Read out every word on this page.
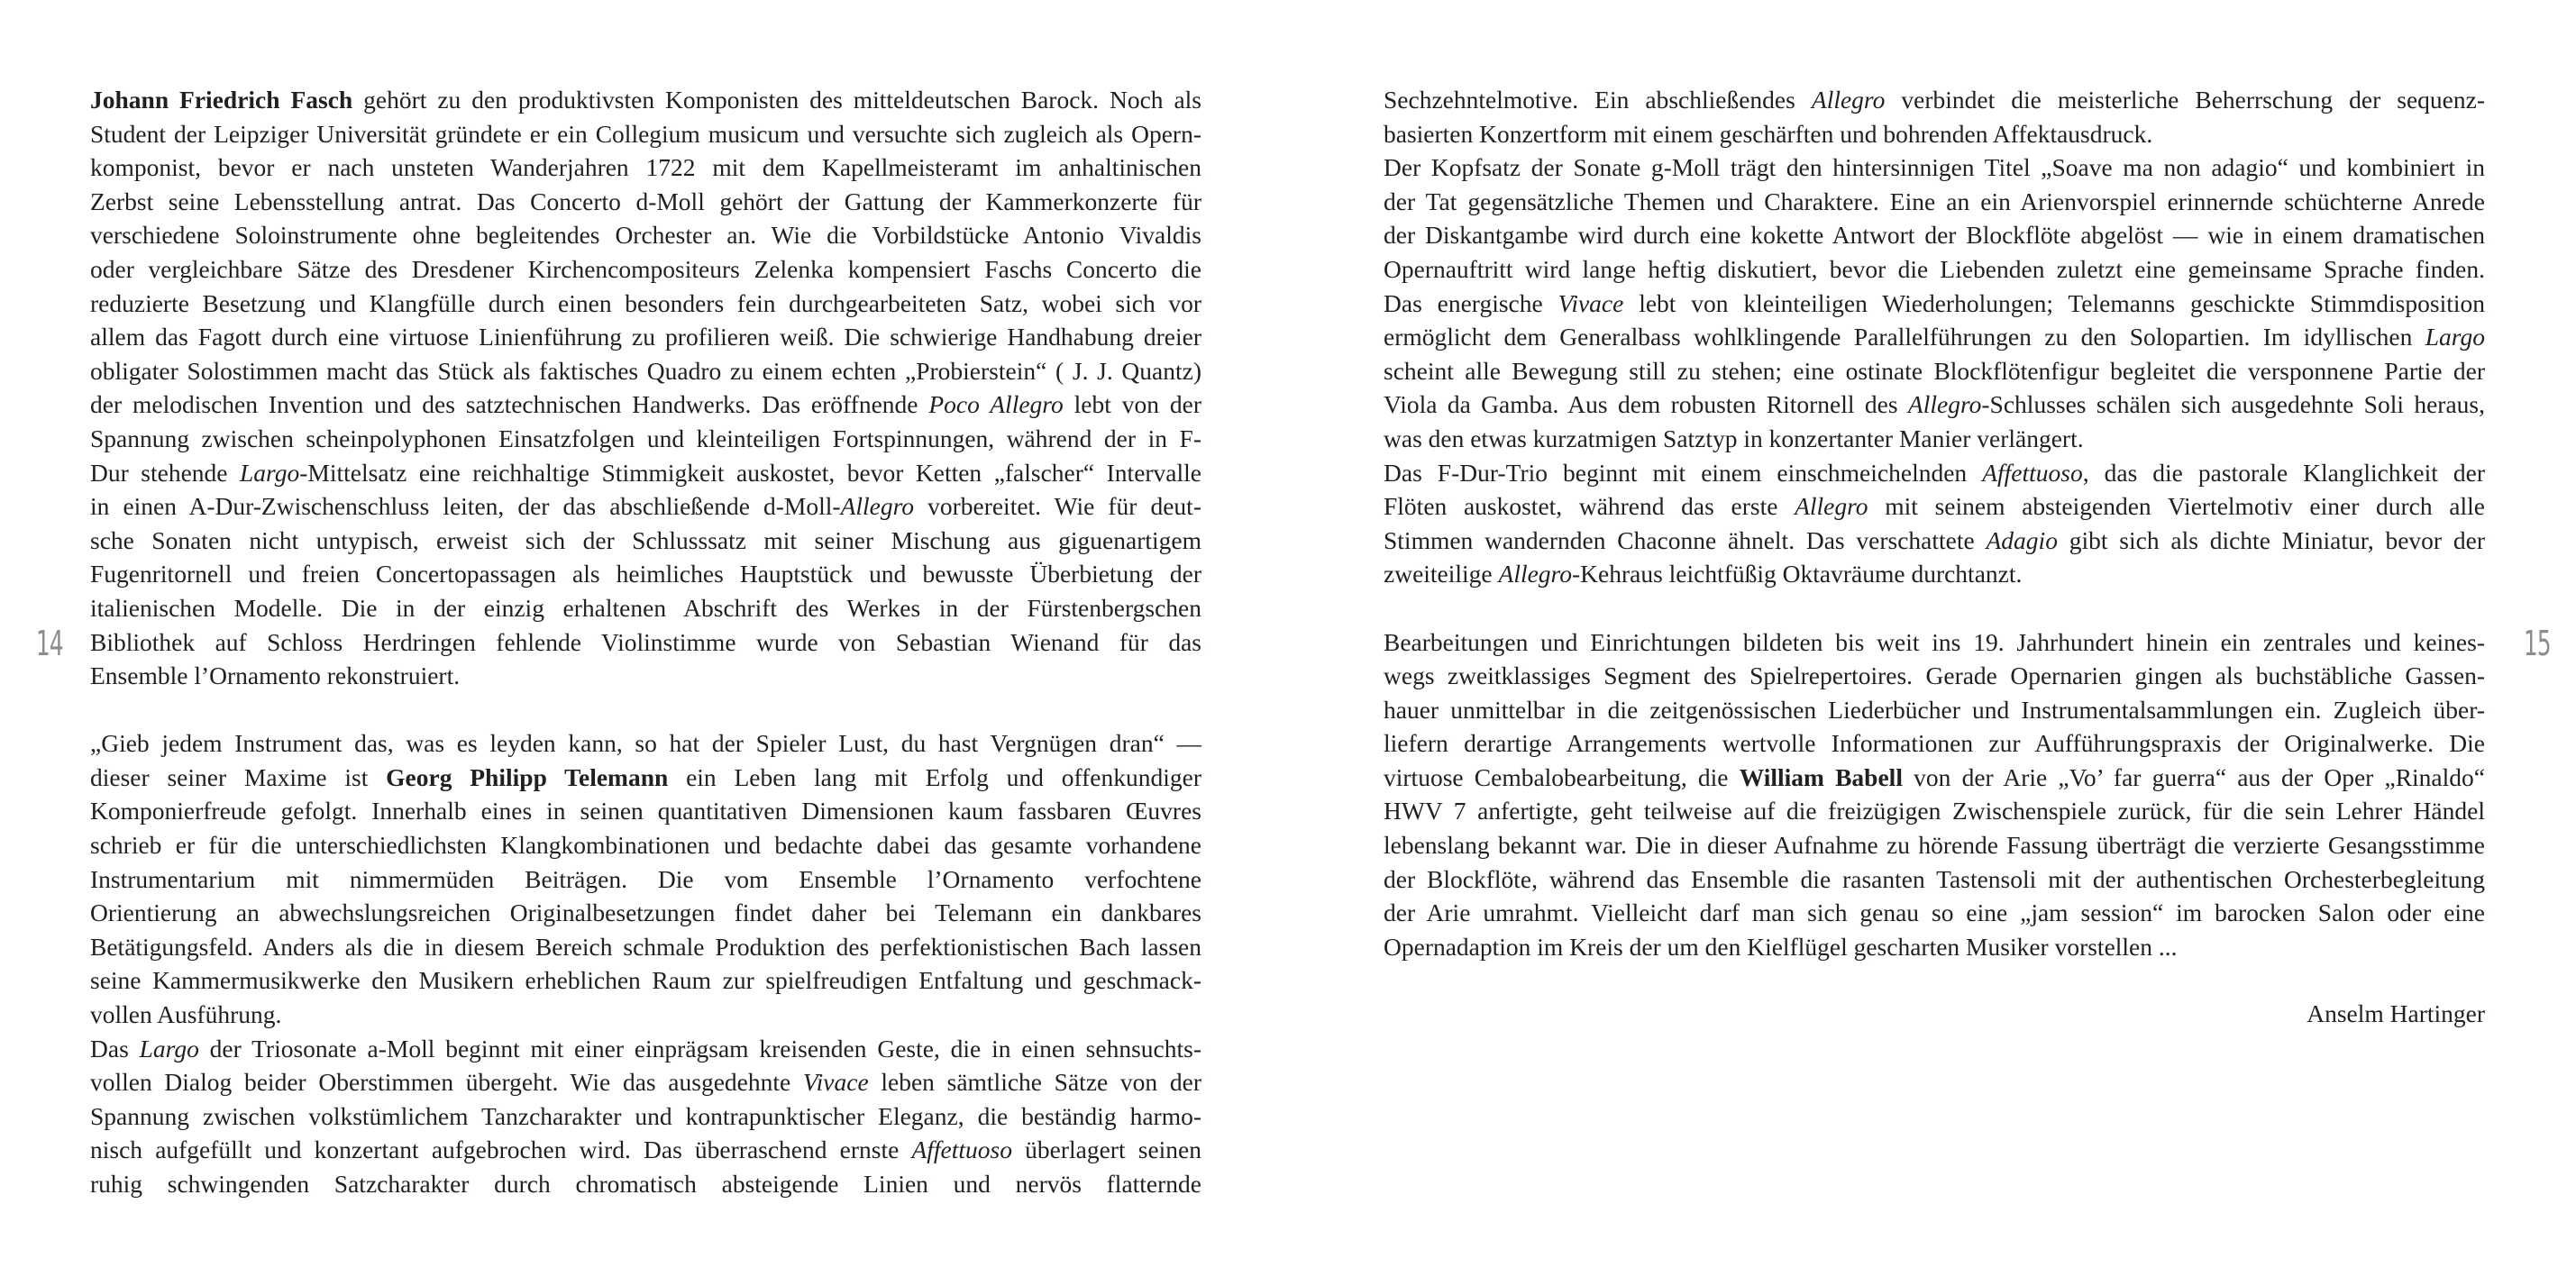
14	15
Johann Friedrich Fasch gehört zu den produktivsten Komponisten des mitteldeutschen Barock. Noch als
Student der Leipziger Universität gründete er ein Collegium musicum und versuchte sich zugleich als Opern-
komponist, bevor er nach unsteten Wanderjahren 1722 mit dem Kapellmeisteramt im anhaltinischen
Zerbst seine Lebensstellung antrat. Das Concerto d-Moll gehört der Gattung der Kammerkonzerte für
verschiedene Soloinstrumente ohne begleitendes Orchester an. Wie die Vorbildstücke Antonio Vivaldis
oder vergleichbare Sätze des Dresdener Kirchencompositeurs Zelenka kompensiert Faschs Concerto die
reduzierte Besetzung und Klangfülle durch einen besonders fein durchgearbeiteten Satz, wobei sich vor
allem das Fagott durch eine virtuose Linienführung zu profilieren weiß. Die schwierige Handhabung dreier
obligater Solostimmen macht das Stück als faktisches Quadro zu einem echten „Probierstein“ ( J. J. Quantz)
der melodischen Invention und des satztechnischen Handwerks. Das eröffnende Poco Allegro lebt von der
Spannung zwischen scheinpolyphonen Einsatzfolgen und kleinteiligen Fortspinnungen, während der in F-
Dur stehende Largo-Mittelsatz eine reichhaltige Stimmigkeit auskostet, bevor Ketten „falscher“ Intervalle
in einen A-Dur-Zwischenschluss leiten, der das abschließende d-Moll-Allegro vorbereitet. Wie für deut-
sche Sonaten nicht untypisch, erweist sich der Schlusssatz mit seiner Mischung aus giguenartigem
Fugenritornell und freien Concertopassagen als heimliches Hauptstück und bewusste Überbietung der
italienischen Modelle. Die in der einzig erhaltenen Abschrift des Werkes in der Fürstenbergschen
Bibliothek auf Schloss Herdringen fehlende Violinstimme wurde von Sebastian Wienand für das
Ensemble l’Ornamento rekonstruiert.
„Gieb jedem Instrument das, was es leyden kann, so hat der Spieler Lust, du hast Vergnügen dran“ —
dieser seiner Maxime ist Georg Philipp Telemann ein Leben lang mit Erfolg und offenkundiger
Komponierfreude gefolgt. Innerhalb eines in seinen quantitativen Dimensionen kaum fassbaren Œuvres
schrieb er für die unterschiedlichsten Klangkombinationen und bedachte dabei das gesamte vorhandene
Instrumentarium mit nimmermüden Beiträgen. Die vom Ensemble l’Ornamento verfochtene
Orientierung an abwechslungsreichen Originalbesetzungen findet daher bei Telemann ein dankbares
Betätigungsfeld. Anders als die in diesem Bereich schmale Produktion des perfektionistischen Bach lassen
seine Kammermusikwerke den Musikern erheblichen Raum zur spielfreudigen Entfaltung und geschmack-
vollen Ausführung.
Das Largo der Triosonate a-Moll beginnt mit einer einprägsam kreisenden Geste, die in einen sehnsuchts-
vollen Dialog beider Oberstimmen übergeht. Wie das ausgedehnte Vivace leben sämtliche Sätze von der
Spannung zwischen volkstümlichem Tanzcharakter und kontrapunktischer Eleganz, die beständig harmo-
nisch aufgefüllt und konzertant aufgebrochen wird. Das überraschend ernste Affettuoso überlagert seinen
ruhig schwingenden Satzcharakter durch chromatisch absteigende Linien und nervös flatternde
Sechzehntelmotive. Ein abschließendes Allegro verbindet die meisterliche Beherrschung der sequenz-
basierten Konzertform mit einem geschärften und bohrenden Affektausdruck.
Der Kopfsatz der Sonate g-Moll trägt den hintersinnigen Titel „Soave ma non adagio“ und kombiniert in
der Tat gegensätzliche Themen und Charaktere. Eine an ein Arienvorspiel erinnernde schüchterne Anrede
der Diskantgambe wird durch eine kokette Antwort der Blockflöte abgelöst — wie in einem dramatischen
Opernauftritt wird lange heftig diskutiert, bevor die Liebenden zuletzt eine gemeinsame Sprache finden.
Das energische Vivace lebt von kleinteiligen Wiederholungen; Telemanns geschickte Stimmdisposition
ermöglicht dem Generalbass wohlklingende Parallelführungen zu den Solopartien. Im idyllischen Largo
scheint alle Bewegung still zu stehen; eine ostinate Blockflötenfigur begleitet die versponnene Partie der
Viola da Gamba. Aus dem robusten Ritornell des Allegro-Schlusses schälen sich ausgedehnte Soli heraus,
was den etwas kurzatmigen Satztyp in konzertanter Manier verlängert.
Das F-Dur-Trio beginnt mit einem einschmeichelnden Affettuoso, das die pastorale Klanglichkeit der
Flöten auskostet, während das erste Allegro mit seinem absteigenden Viertelmotiv einer durch alle
Stimmen wandernden Chaconne ähnelt. Das verschattete Adagio gibt sich als dichte Miniatur, bevor der
zweiteilige Allegro-Kehraus leichtfüßig Oktavräume durchtanzt.
Bearbeitungen und Einrichtungen bildeten bis weit ins 19. Jahrhundert hinein ein zentrales und keines-
wegs zweitklassiges Segment des Spielrepertoires. Gerade Opernarien gingen als buchstäbliche Gassen-
hauer unmittelbar in die zeitgenössischen Liederbücher und Instrumentalsammlungen ein. Zugleich über-
liefern derartige Arrangements wertvolle Informationen zur Aufführungspraxis der Originalwerke. Die
virtuose Cembalobearbeitung, die William Babell von der Arie „Vo’ far guerra“ aus der Oper „Rinaldo“
HWV 7 anfertigte, geht teilweise auf die freizügigen Zwischenspiele zurück, für die sein Lehrer Händel
lebenslang bekannt war. Die in dieser Aufnahme zu hörende Fassung überträgt die verzierte Gesangsstimme
der Blockflöte, während das Ensemble die rasanten Tastensoli mit der authentischen Orchesterbegleitung
der Arie umrahmt. Vielleicht darf man sich genau so eine „jam session“ im barocken Salon oder eine
Opernadaption im Kreis der um den Kielflügel gescharten Musiker vorstellen ...
Anselm Hartinger
